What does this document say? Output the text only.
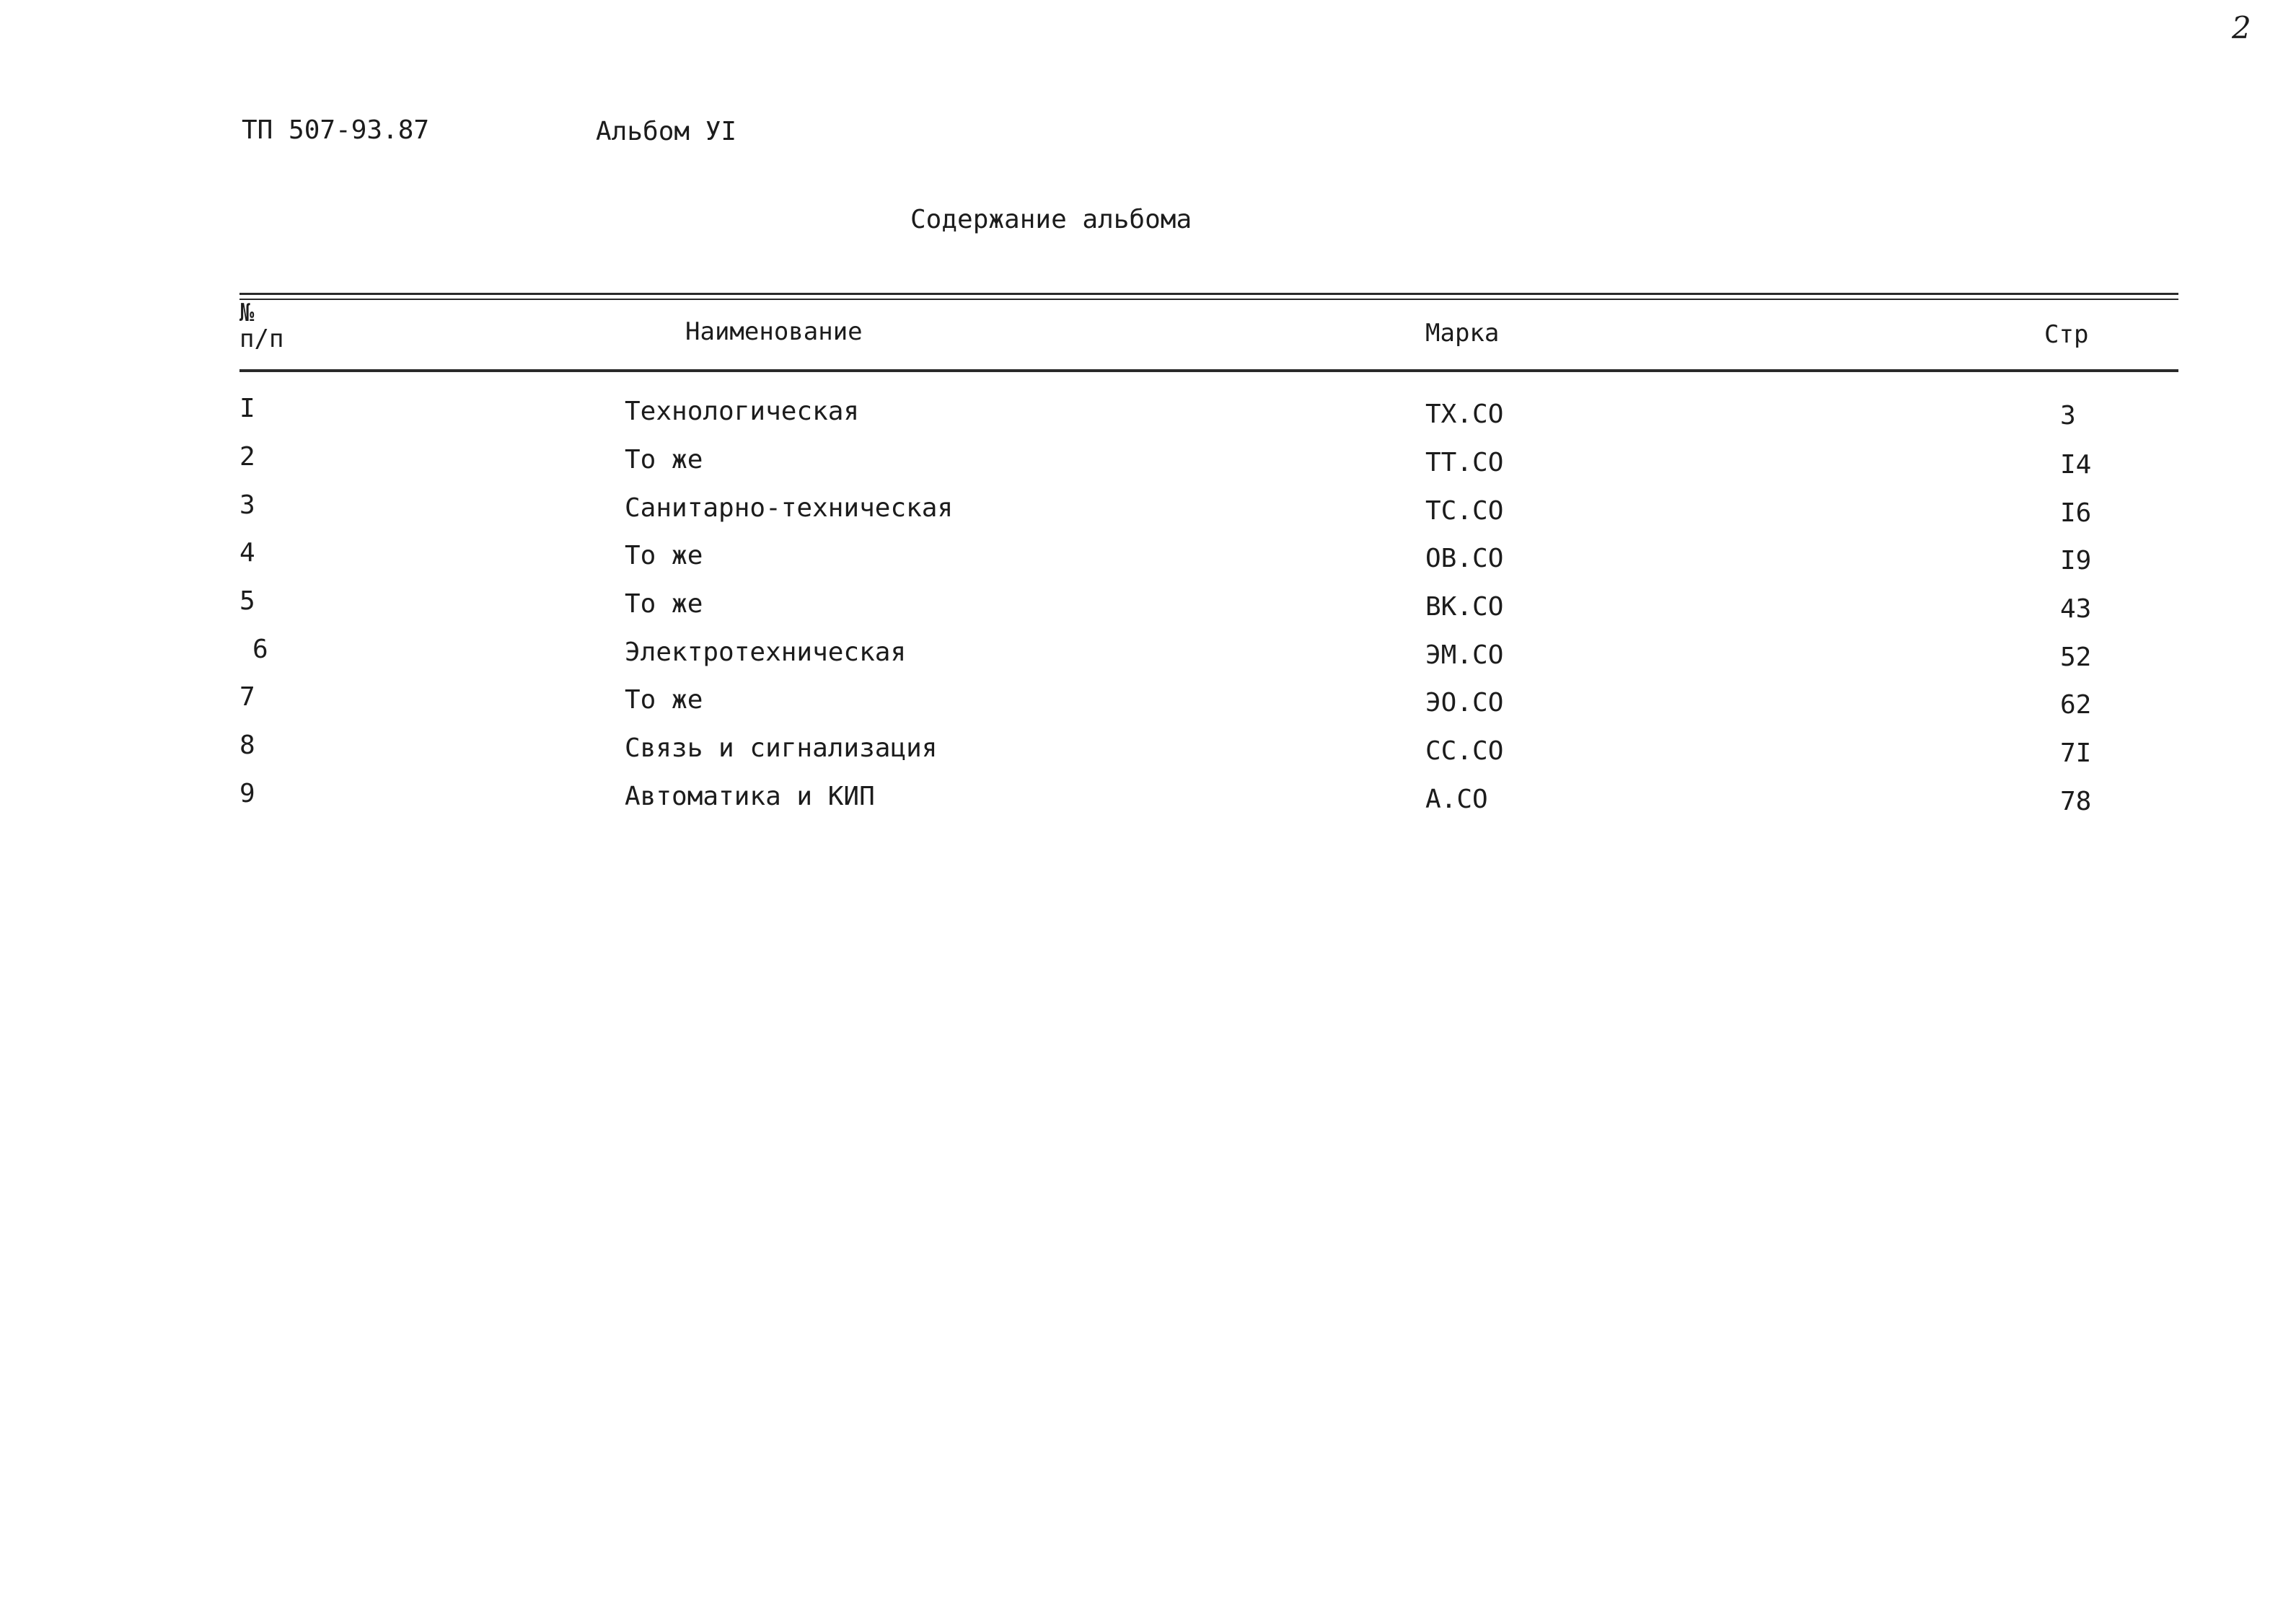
2
ТП 507-93.87	Альбом УI
Содержание альбома
№
п/п	Наименование	Марка	Стр
I	Технологическая	ТХ.СО	3
2	То же	ТТ.СО	I4
3	Санитарно-техническая	ТС.СО	I6
4	То же	ОВ.СО	I9
5	То же	ВК.СО	43
6	Электротехническая	ЭМ.СО	52
7	То же	ЭО.СО	62
8	Связь и сигнализация	СС.СО	7I
9	Автоматика и КИП	А.СО	78
